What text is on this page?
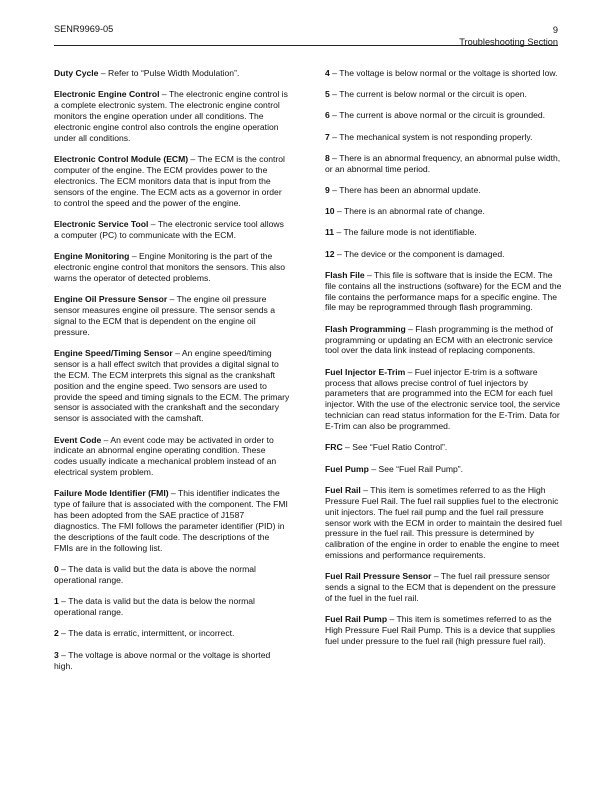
SENR9969-05	9
Troubleshooting Section

Duty Cycle – Refer to “Pulse Width Modulation”.

Electronic Engine Control – The electronic engine control is a complete electronic system. The electronic engine control monitors the engine operation under all conditions. The electronic engine control also controls the engine operation under all conditions.

Electronic Control Module (ECM) – The ECM is the control computer of the engine. The ECM provides power to the electronics. The ECM monitors data that is input from the sensors of the engine. The ECM acts as a governor in order to control the speed and the power of the engine.

Electronic Service Tool – The electronic service tool allows a computer (PC) to communicate with the ECM.

Engine Monitoring – Engine Monitoring is the part of the electronic engine control that monitors the sensors. This also warns the operator of detected problems.

Engine Oil Pressure Sensor – The engine oil pressure sensor measures engine oil pressure. The sensor sends a signal to the ECM that is dependent on the engine oil pressure.

Engine Speed/Timing Sensor – An engine speed/timing sensor is a hall effect switch that provides a digital signal to the ECM. The ECM interprets this signal as the crankshaft position and the engine speed. Two sensors are used to provide the speed and timing signals to the ECM. The primary sensor is associated with the crankshaft and the secondary sensor is associated with the camshaft.

Event Code – An event code may be activated in order to indicate an abnormal engine operating condition. These codes usually indicate a mechanical problem instead of an electrical system problem.

Failure Mode Identifier (FMI) – This identifier indicates the type of failure that is associated with the component. The FMI has been adopted from the SAE practice of J1587 diagnostics. The FMI follows the parameter identifier (PID) in the descriptions of the fault code. The descriptions of the FMIs are in the following list.

0 – The data is valid but the data is above the normal operational range.

1 – The data is valid but the data is below the normal operational range.

2 – The data is erratic, intermittent, or incorrect.

3 – The voltage is above normal or the voltage is shorted high.

4 – The voltage is below normal or the voltage is shorted low.

5 – The current is below normal or the circuit is open.

6 – The current is above normal or the circuit is grounded.

7 – The mechanical system is not responding properly.

8 – There is an abnormal frequency, an abnormal pulse width, or an abnormal time period.

9 – There has been an abnormal update.

10 – There is an abnormal rate of change.

11 – The failure mode is not identifiable.

12 – The device or the component is damaged.

Flash File – This file is software that is inside the ECM. The file contains all the instructions (software) for the ECM and the file contains the performance maps for a specific engine. The file may be reprogrammed through flash programming.

Flash Programming – Flash programming is the method of programming or updating an ECM with an electronic service tool over the data link instead of replacing components.

Fuel Injector E-Trim – Fuel injector E-trim is a software process that allows precise control of fuel injectors by parameters that are programmed into the ECM for each fuel injector. With the use of the electronic service tool, the service technician can read status information for the E-Trim. Data for E-Trim can also be programmed.

FRC – See “Fuel Ratio Control”.

Fuel Pump – See “Fuel Rail Pump”.

Fuel Rail – This item is sometimes referred to as the High Pressure Fuel Rail. The fuel rail supplies fuel to the electronic unit injectors. The fuel rail pump and the fuel rail pressure sensor work with the ECM in order to maintain the desired fuel pressure in the fuel rail. This pressure is determined by calibration of the engine in order to enable the engine to meet emissions and performance requirements.

Fuel Rail Pressure Sensor – The fuel rail pressure sensor sends a signal to the ECM that is dependent on the pressure of the fuel in the fuel rail.

Fuel Rail Pump – This item is sometimes referred to as the High Pressure Fuel Rail Pump. This is a device that supplies fuel under pressure to the fuel rail (high pressure fuel rail).
